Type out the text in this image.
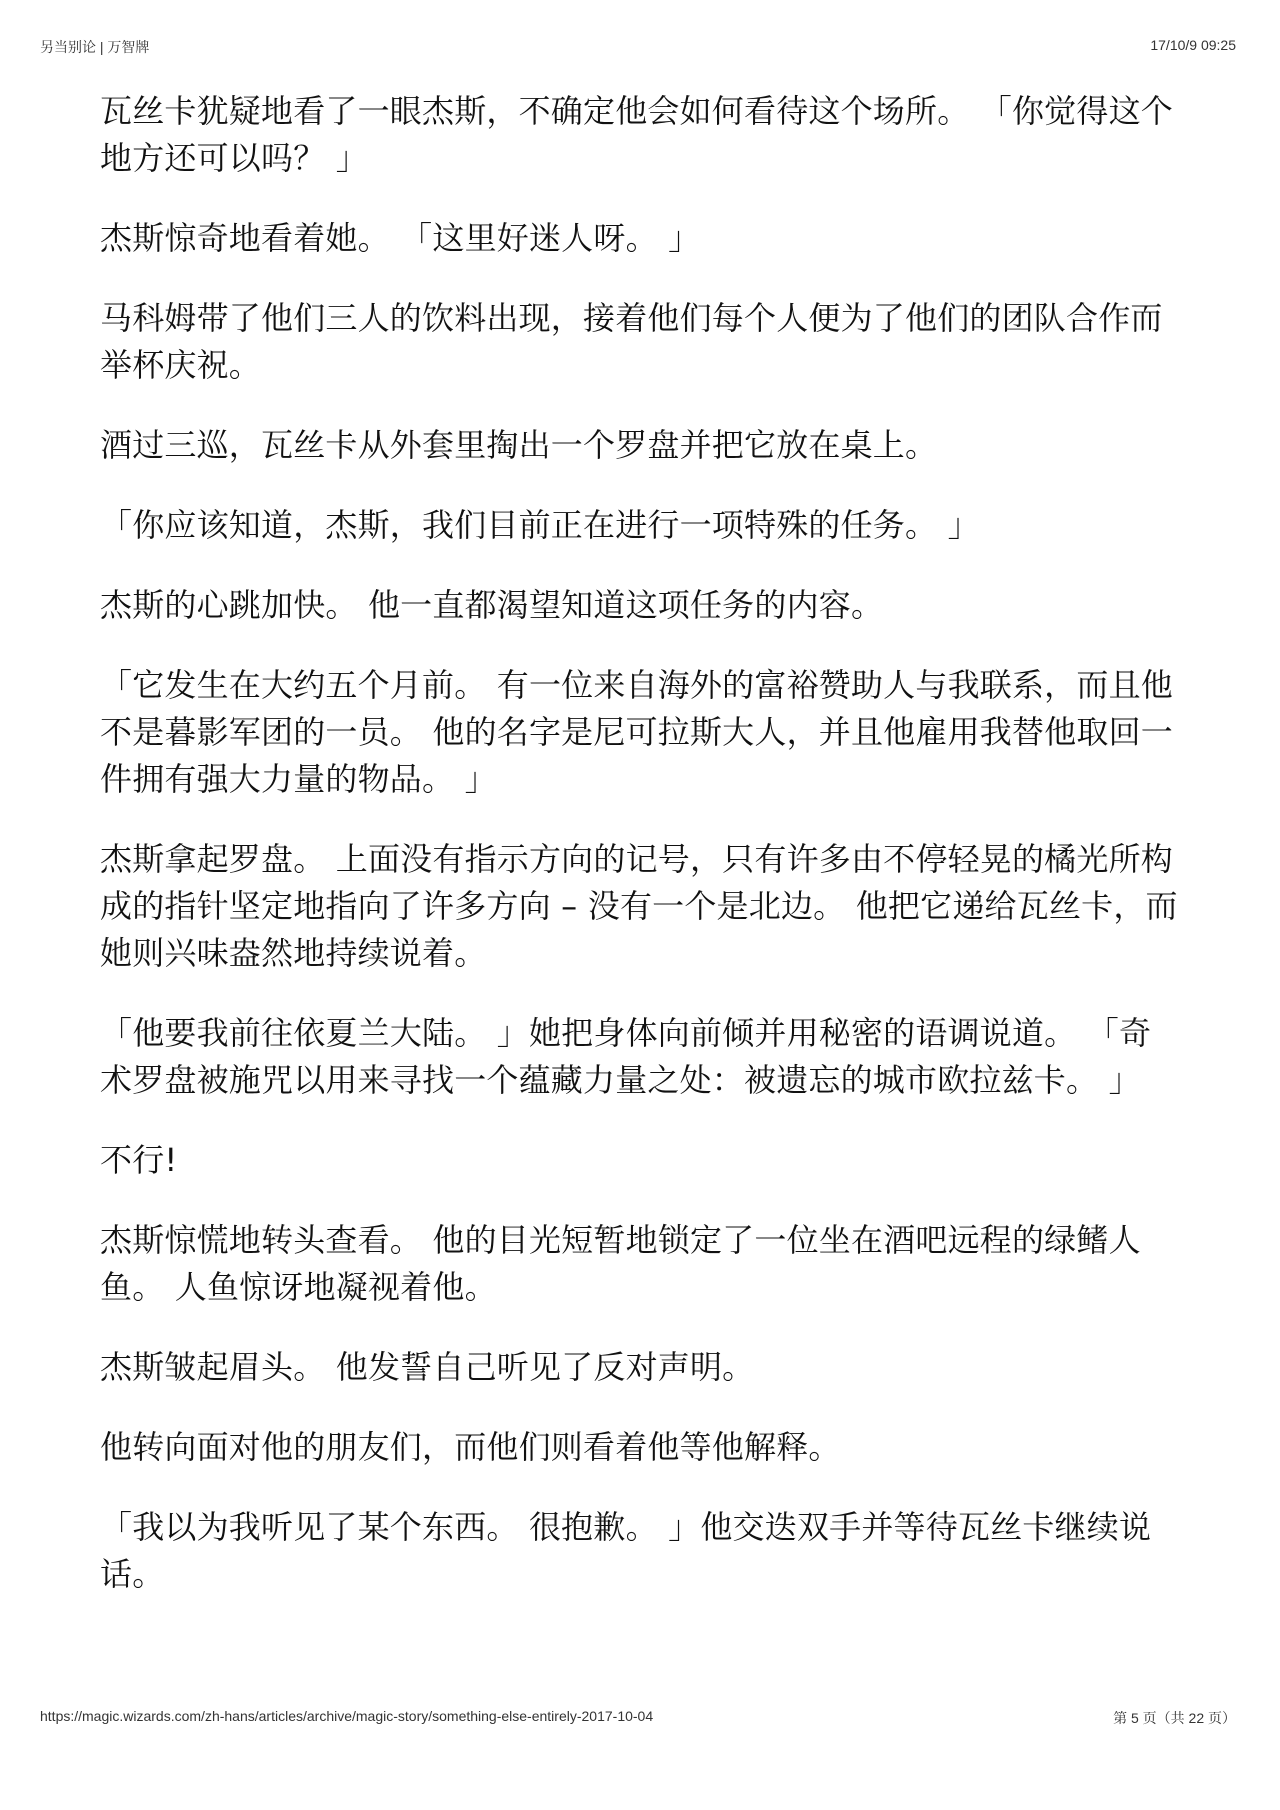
另当别论 | 万智牌	17/10/9 09:25

瓦丝卡犹疑地看了一眼杰斯，不确定他会如何看待这个场所。 「你觉得这个地方还可以吗？ 」

杰斯惊奇地看着她。 「这里好迷人呀。 」

马科姆带了他们三人的饮料出现，接着他们每个人便为了他们的团队合作而举杯庆祝。

酒过三巡，瓦丝卡从外套里掏出一个罗盘并把它放在桌上。

「你应该知道，杰斯，我们目前正在进行一项特殊的任务。 」

杰斯的心跳加快。 他一直都渴望知道这项任务的内容。

「它发生在大约五个月前。 有一位来自海外的富裕赞助人与我联系，而且他不是暮影军团的一员。 他的名字是尼可拉斯大人，并且他雇用我替他取回一件拥有强大力量的物品。 」

杰斯拿起罗盘。 上面没有指示方向的记号，只有许多由不停轻晃的橘光所构成的指针坚定地指向了许多方向 – 没有一个是北边。 他把它递给瓦丝卡，而她则兴味盎然地持续说着。

「他要我前往依夏兰大陆。 」她把身体向前倾并用秘密的语调说道。 「奇术罗盘被施咒以用来寻找一个蕴藏力量之处：被遗忘的城市欧拉兹卡。 」

不行!

杰斯惊慌地转头查看。 他的目光短暂地锁定了一位坐在酒吧远程的绿鳍人鱼。 人鱼惊讶地凝视着他。

杰斯皱起眉头。 他发誓自己听见了反对声明。

他转向面对他的朋友们，而他们则看着他等他解释。

「我以为我听见了某个东西。 很抱歉。 」他交迭双手并等待瓦丝卡继续说话。

https://magic.wizards.com/zh-hans/articles/archive/magic-story/something-else-entirely-2017-10-04	第 5 页（共 22 页）
